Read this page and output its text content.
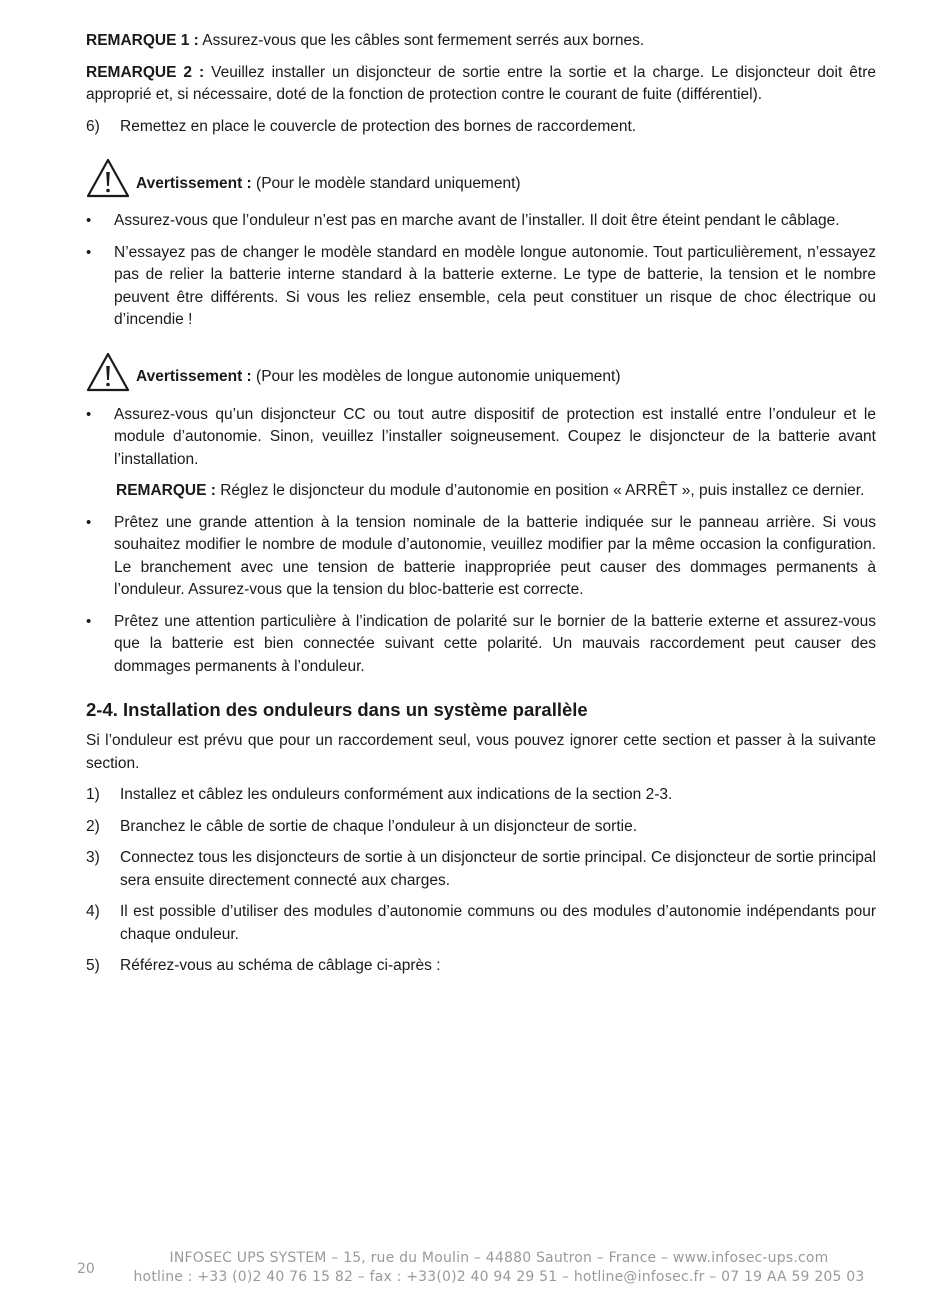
REMARQUE 1 : Assurez-vous que les câbles sont fermement serrés aux bornes.

REMARQUE 2 : Veuillez installer un disjoncteur de sortie entre la sortie et la charge. Le disjoncteur doit être approprié et, si nécessaire, doté de la fonction de protection contre le courant de fuite (différentiel).

6)	Remettez en place le couvercle de protection des bornes de raccordement.
Avertissement : (Pour le modèle standard uniquement)
•	Assurez-vous que l’onduleur n’est pas en marche avant de l’installer. Il doit être éteint pendant le câblage.
•	N’essayez pas de changer le modèle standard en modèle longue autonomie. Tout particulièrement, n’essayez pas de relier la batterie interne standard à la batterie externe. Le type de batterie, la tension et le nombre peuvent être différents. Si vous les reliez ensemble, cela peut constituer un risque de choc électrique ou d’incendie !
Avertissement : (Pour les modèles de longue autonomie uniquement)
•	Assurez-vous qu’un disjoncteur CC ou tout autre dispositif de protection est installé entre l’onduleur et le module d’autonomie. Sinon, veuillez l’installer soigneusement. Coupez le disjoncteur de la batterie avant l’installation.

REMARQUE : Réglez le disjoncteur du module d’autonomie en position « ARRÊT », puis installez ce dernier.

•	Prêtez une grande attention à la tension nominale de la batterie indiquée sur le panneau arrière. Si vous souhaitez modifier le nombre de module d’autonomie, veuillez modifier par la même occasion la configuration. Le branchement avec une tension de batterie inappropriée peut causer des dommages permanents à l’onduleur. Assurez-vous que la tension du bloc-batterie est correcte.
•	Prêtez une attention particulière à l’indication de polarité sur le bornier de la batterie externe et assurez-vous que la batterie est bien connectée suivant cette polarité. Un mauvais raccordement peut causer des dommages permanents à l’onduleur.
2-4. Installation des onduleurs dans un système parallèle

Si l’onduleur est prévu que pour un raccordement seul, vous pouvez ignorer cette section et passer à la suivante section.

1)	Installez et câblez les onduleurs conformément aux indications de la section 2-3.
2)	Branchez le câble de sortie de chaque l’onduleur à un disjoncteur de sortie.
3)	Connectez tous les disjoncteurs de sortie à un disjoncteur de sortie principal. Ce disjoncteur de sortie principal sera ensuite directement connecté aux charges.
4)	Il est possible d’utiliser des modules d’autonomie communs ou des modules d’autonomie indépendants pour chaque onduleur.
5)	Référez-vous au schéma de câblage ci-après :
20
INFOSEC UPS SYSTEM – 15, rue du Moulin – 44880 Sautron – France – www.infosec-ups.com
hotline : +33 (0)2 40 76 15 82 – fax : +33(0)2 40 94 29 51 – hotline@infosec.fr – 07 19 AA 59 205 03
